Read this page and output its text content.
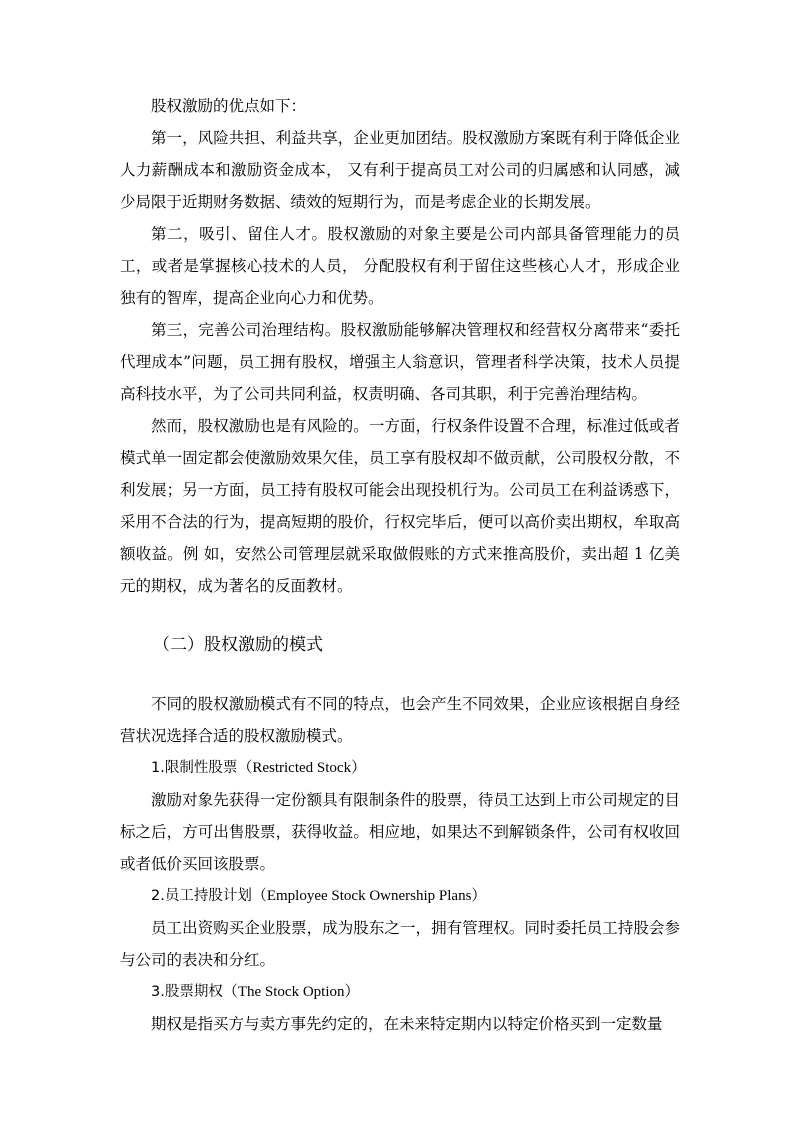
股权激励的优点如下：

第一，风险共担、利益共享，企业更加团结。股权激励方案既有利于降低企业人力薪酬成本和激励资金成本， 又有利于提高员工对公司的归属感和认同感，减少局限于近期财务数据、绩效的短期行为，而是考虑企业的长期发展。

第二，吸引、留住人才。股权激励的对象主要是公司内部具备管理能力的员工，或者是掌握核心技术的人员， 分配股权有利于留住这些核心人才，形成企业独有的智库，提高企业向心力和优势。

第三，完善公司治理结构。股权激励能够解决管理权和经营权分离带来“委托代理成本”问题，员工拥有股权，增强主人翁意识，管理者科学决策，技术人员提高科技水平，为了公司共同利益，权责明确、各司其职，利于完善治理结构。

然而，股权激励也是有风险的。一方面，行权条件设置不合理，标准过低或者模式单一固定都会使激励效果欠佳，员工享有股权却不做贡献，公司股权分散，不利发展；另一方面，员工持有股权可能会出现投机行为。公司员工在利益诱惑下，采用不合法的行为，提高短期的股价，行权完毕后，便可以高价卖出期权，牟取高额收益。例 如，安然公司管理层就采取做假账的方式来推高股价，卖出超 1 亿美元的期权，成为著名的反面教材。

（二）股权激励的模式

不同的股权激励模式有不同的特点，也会产生不同效果，企业应该根据自身经营状况选择合适的股权激励模式。

1.限制性股票（Restricted Stock）

激励对象先获得一定份额具有限制条件的股票，待员工达到上市公司规定的目标之后，方可出售股票，获得收益。相应地，如果达不到解锁条件，公司有权收回或者低价买回该股票。

2.员工持股计划（Employee Stock Ownership Plans）

员工出资购买企业股票，成为股东之一，拥有管理权。同时委托员工持股会参与公司的表决和分红。

3.股票期权（The Stock Option）

期权是指买方与卖方事先约定的，在未来特定期内以特定价格买到一定数量
